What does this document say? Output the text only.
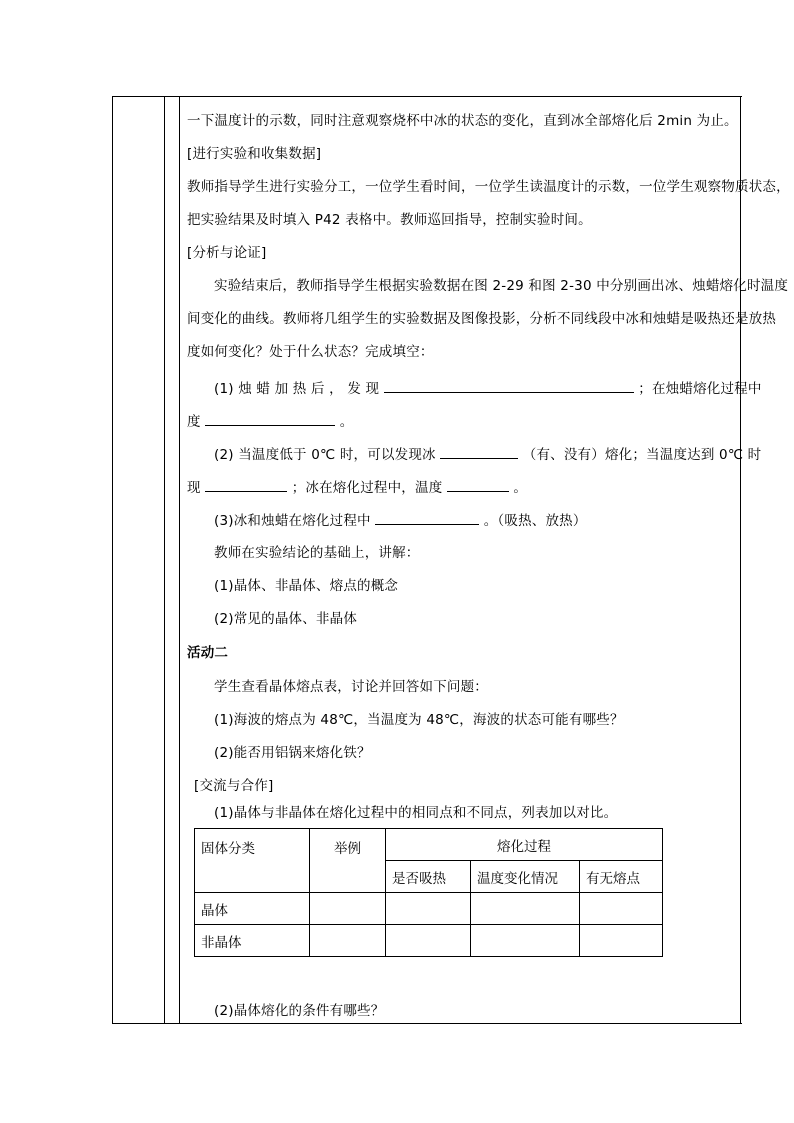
一下温度计的示数，同时注意观察烧杯中冰的状态的变化，直到冰全部熔化后 2min 为止。
[进行实验和收集数据]
教师指导学生进行实验分工，一位学生看时间，一位学生读温度计的示数，一位学生观察物质状态，
把实验结果及时填入 P42 表格中。教师巡回指导，控制实验时间。
[分析与论证]
实验结束后，教师指导学生根据实验数据在图 2-29 和图 2-30 中分别画出冰、烛蜡熔化时温度
间变化的曲线。教师将几组学生的实验数据及图像投影，分析不同线段中冰和烛蜡是吸热还是放热
度如何变化？处于什么状态？完成填空：
(1) 烛 蜡 加 热 后 ， 发 现	；在烛蜡熔化过程中
度	。
(2) 当温度低于 0℃ 时，可以发现冰	（有、没有）熔化；当温度达到 0℃ 时
现	；冰在熔化过程中，温度	。
(3)冰和烛蜡在熔化过程中	。（吸热、放热）
教师在实验结论的基础上，讲解：
(1)晶体、非晶体、熔点的概念
(2)常见的晶体、非晶体
活动二
学生查看晶体熔点表，讨论并回答如下问题：
(1)海波的熔点为 48℃，当温度为 48℃，海波的状态可能有哪些？
(2)能否用铝锅来熔化铁？
[交流与合作]
(1)晶体与非晶体在熔化过程中的相同点和不同点，列表加以对比。
固体分类	举例	熔化过程		
		是否吸热	温度变化情况	有无熔点
晶体				
非晶体				
(2)晶体熔化的条件有哪些？
